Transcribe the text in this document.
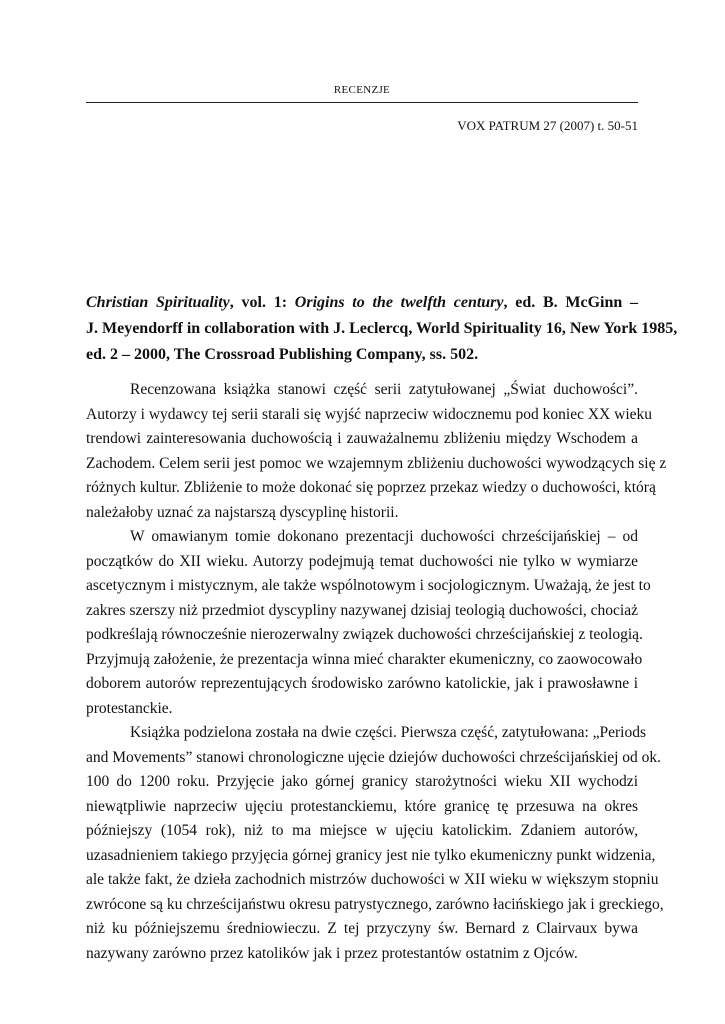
RECENZJE
VOX PATRUM 27 (2007) t. 50-51
Christian Spirituality, vol. 1: Origins to the twelfth century, ed. B. McGinn –
J. Meyendorff in collaboration with J. Leclercq, World Spirituality 16, New York 1985,
ed. 2 – 2000, The Crossroad Publishing Company, ss. 502.

Recenzowana książka stanowi część serii zatytułowanej „Świat duchowości”.
Autorzy i wydawcy tej serii starali się wyjść naprzeciw widocznemu pod koniec XX wieku
trendowi zainteresowania duchowością i zauważalnemu zbliżeniu między Wschodem a
Zachodem. Celem serii jest pomoc we wzajemnym zbliżeniu duchowości wywodzących się z
różnych kultur. Zbliżenie to może dokonać się poprzez przekaz wiedzy o duchowości, którą
należałoby uznać za najstarszą dyscyplinę historii.

W omawianym tomie dokonano prezentacji duchowości chrześcijańskiej – od
początków do XII wieku. Autorzy podejmują temat duchowości nie tylko w wymiarze
ascetycznym i mistycznym, ale także wspólnotowym i socjologicznym. Uważają, że jest to
zakres szerszy niż przedmiot dyscypliny nazywanej dzisiaj teologią duchowości, chociaż
podkreślają równocześnie nierozerwalny związek duchowości chrześcijańskiej z teologią.
Przyjmują założenie, że prezentacja winna mieć charakter ekumeniczny, co zaowocowało
doborem autorów reprezentujących środowisko zarówno katolickie, jak i prawosławne i
protestanckie.

Książka podzielona została na dwie części. Pierwsza część, zatytułowana: „Periods
and Movements” stanowi chronologiczne ujęcie dziejów duchowości chrześcijańskiej od ok.
100 do 1200 roku. Przyjęcie jako górnej granicy starożytności wieku XII wychodzi
niewątpliwie naprzeciw ujęciu protestanckiemu, które granicę tę przesuwa na okres
późniejszy (1054 rok), niż to ma miejsce w ujęciu katolickim. Zdaniem autorów,
uzasadnieniem takiego przyjęcia górnej granicy jest nie tylko ekumeniczny punkt widzenia,
ale także fakt, że dzieła zachodnich mistrzów duchowości w XII wieku w większym stopniu
zwrócone są ku chrześcijaństwu okresu patrystycznego, zarówno łacińskiego jak i greckiego,
niż ku późniejszemu średniowieczu. Z tej przyczyny św. Bernard z Clairvaux bywa
nazywany zarówno przez katolików jak i przez protestantów ostatnim z Ojców.
